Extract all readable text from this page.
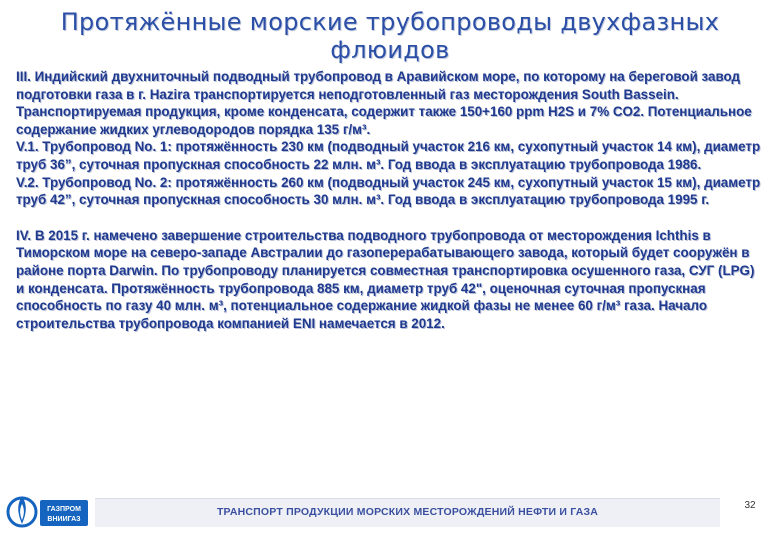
Протяжённые морские трубопроводы двухфазных флюидов

III. Индийский двухниточный подводный трубопровод в Аравийском море, по которому на береговой завод подготовки газа в г. Hazira транспортируется неподготовленный газ месторождения South Bassein. Транспортируемая продукция, кроме конденсата, содержит также 150+160 ppm H2S и 7% CO2. Потенциальное содержание жидких углеводородов порядка 135 г/м³.

V.1. Трубопровод No. 1: протяжённость 230 км (подводный участок 216 км, сухопутный участок 14 км), диаметр труб 36”, суточная пропускная способность 22 млн. м³. Год ввода в эксплуатацию трубопровода 1986.

V.2. Трубопровод No. 2: протяжённость 260 км (подводный участок 245 км, сухопутный участок 15 км), диаметр труб 42”, суточная пропускная способность 30 млн. м³. Год ввода в эксплуатацию трубопровода 1995 г.

IV. В 2015 г. намечено завершение строительства подводного трубопровода от месторождения Ichthis в Тиморском море на северо-западе Австралии до газоперерабатывающего завода, который будет сооружён в районе порта Darwin. По трубопроводу планируется совместная транспортировка осушенного газа, СУГ (LPG) и конденсата. Протяжённость трубопровода 885 км, диаметр труб 42", оценочная суточная пропускная способность по газу 40 млн. м³, потенциальное содержание жидкой фазы не менее 60 г/м³ газа. Начало строительства трубопровода компанией ENI намечается в 2012.

ГАЗПРОМ
ВНИИГАЗ
ТРАНСПОРТ ПРОДУКЦИИ МОРСКИХ МЕСТОРОЖДЕНИЙ НЕФТИ И ГАЗА
32
